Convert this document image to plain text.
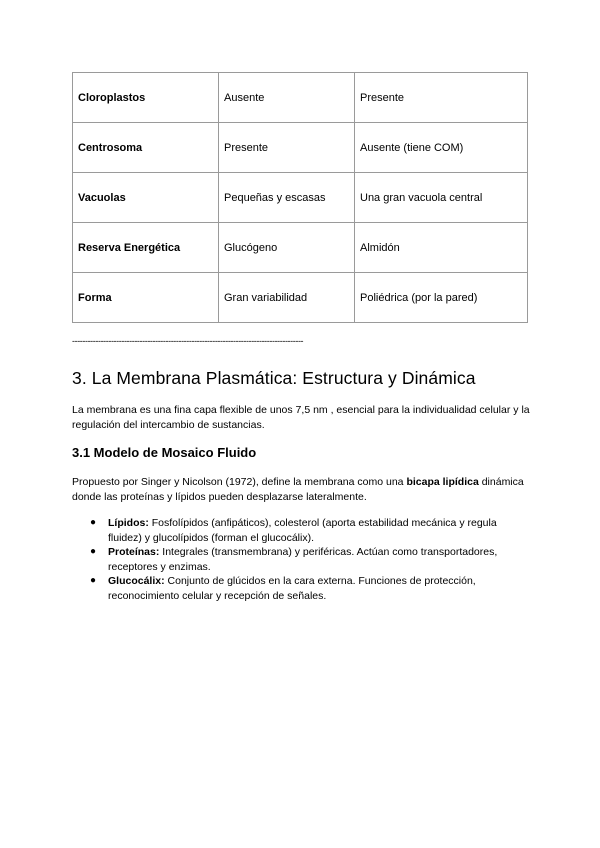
Cloroplastos	Ausente	Presente
Centrosoma	Presente	Ausente (tiene COM)
Vacuolas	Pequeñas y escasas	Una gran vacuola central
Reserva Energética	Glucógeno	Almidón
Forma	Gran variabilidad	Poliédrica (por la pared)
-----------------------------------------------------------------------------------------
3. La Membrana Plasmática: Estructura y Dinámica

La membrana es una fina capa flexible de unos 7,5 nm , esencial para la individualidad celular y la regulación del intercambio de sustancias.

3.1 Modelo de Mosaico Fluido

Propuesto por Singer y Nicolson (1972), define la membrana como una bicapa lipídica dinámica donde las proteínas y lípidos pueden desplazarse lateralmente.

● Lípidos: Fosfolípidos (anfipáticos), colesterol (aporta estabilidad mecánica y regula fluidez) y glucolípidos (forman el glucocálix).
● Proteínas: Integrales (transmembrana) y periféricas. Actúan como transportadores, receptores y enzimas.
● Glucocálix: Conjunto de glúcidos en la cara externa. Funciones de protección, reconocimiento celular y recepción de señales.
